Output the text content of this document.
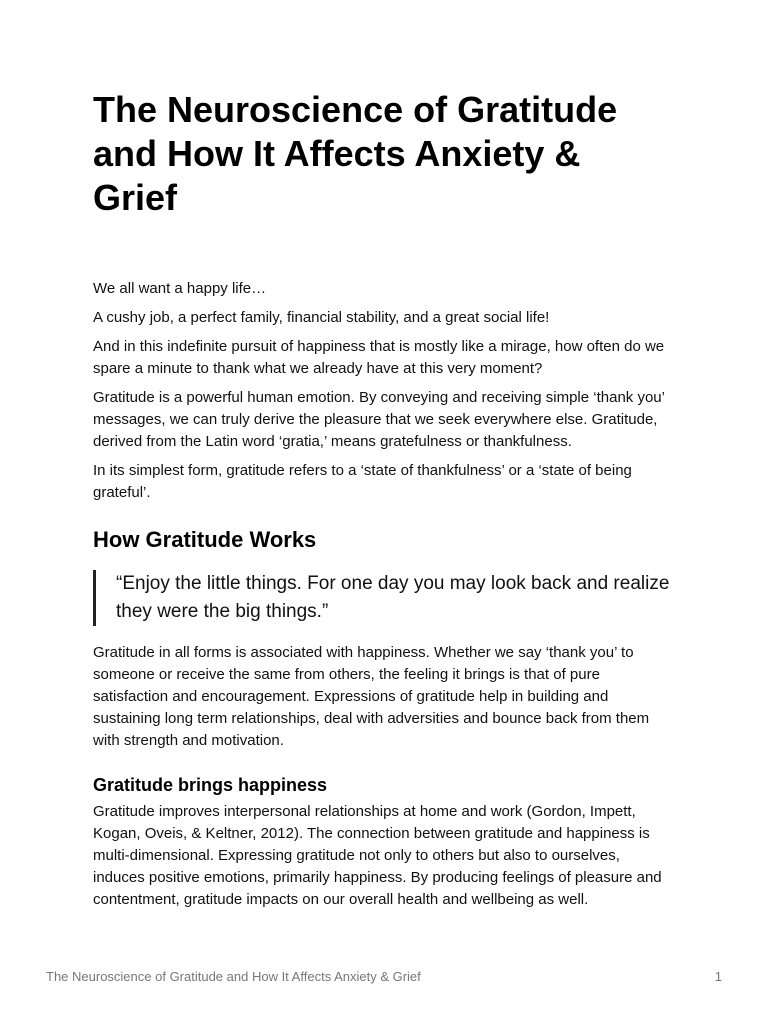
The Neuroscience of Gratitude and How It Affects Anxiety & Grief

We all want a happy life…

A cushy job, a perfect family, financial stability, and a great social life!

And in this indefinite pursuit of happiness that is mostly like a mirage, how often do we spare a minute to thank what we already have at this very moment?

Gratitude is a powerful human emotion. By conveying and receiving simple ‘thank you’ messages, we can truly derive the pleasure that we seek everywhere else. Gratitude, derived from the Latin word ‘gratia,’ means gratefulness or thankfulness.

In its simplest form, gratitude refers to a ‘state of thankfulness’ or a ‘state of being grateful’.

How Gratitude Works
“Enjoy the little things. For one day you may look back and realize they were the big things.”

Gratitude in all forms is associated with happiness. Whether we say ‘thank you’ to someone or receive the same from others, the feeling it brings is that of pure satisfaction and encouragement. Expressions of gratitude help in building and sustaining long term relationships, deal with adversities and bounce back from them with strength and motivation.

Gratitude brings happiness

Gratitude improves interpersonal relationships at home and work (Gordon, Impett, Kogan, Oveis, & Keltner, 2012). The connection between gratitude and happiness is multi-dimensional. Expressing gratitude not only to others but also to ourselves, induces positive emotions, primarily happiness. By producing feelings of pleasure and contentment, gratitude impacts on our overall health and wellbeing as well.

The Neuroscience of Gratitude and How It Affects Anxiety & Grief	1
